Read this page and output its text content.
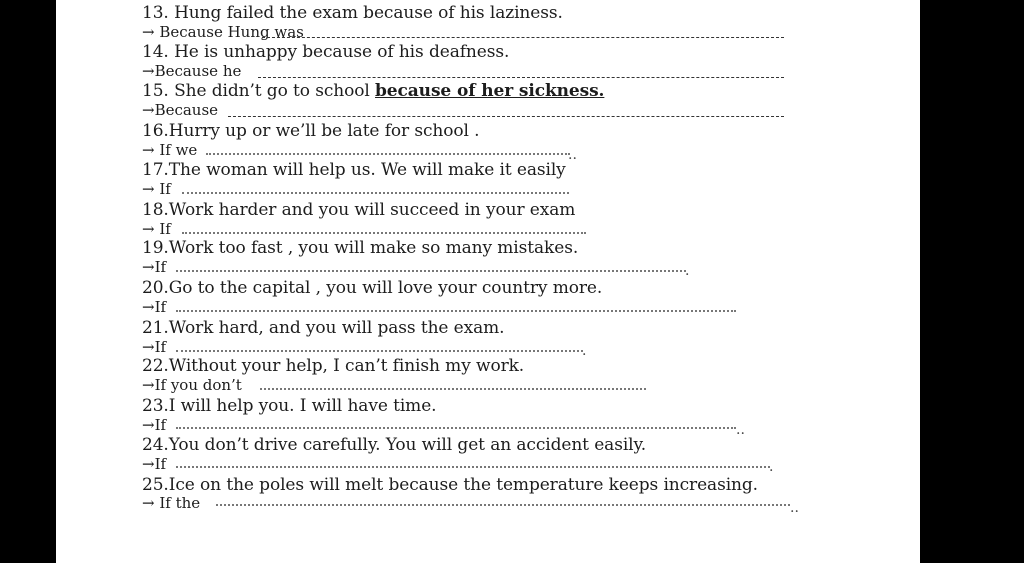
13. Hung failed the exam because of his laziness.
→ Because Hung was
14. He is unhappy because of his deafness.
→Because he
15. She didn’t go to school because of her sickness.
→Because
16.Hurry up or we’ll be late for school .
→ If we	..
17.The woman will help us. We will make it easily
→ If
18.Work harder and you will succeed in your exam
→ If
19.Work too fast , you will make so many mistakes.
→If	.
20.Go to the capital , you will love your country more.
→If
21.Work hard, and you will pass the exam.
→If	.
22.Without your help, I can’t finish my work.
→If you don’t
23.I will help you. I will have time.
→If	..
24.You don’t drive carefully. You will get an accident easily.
→If	.
25.Ice on the poles will melt because the temperature keeps increasing.
→ If the	..
